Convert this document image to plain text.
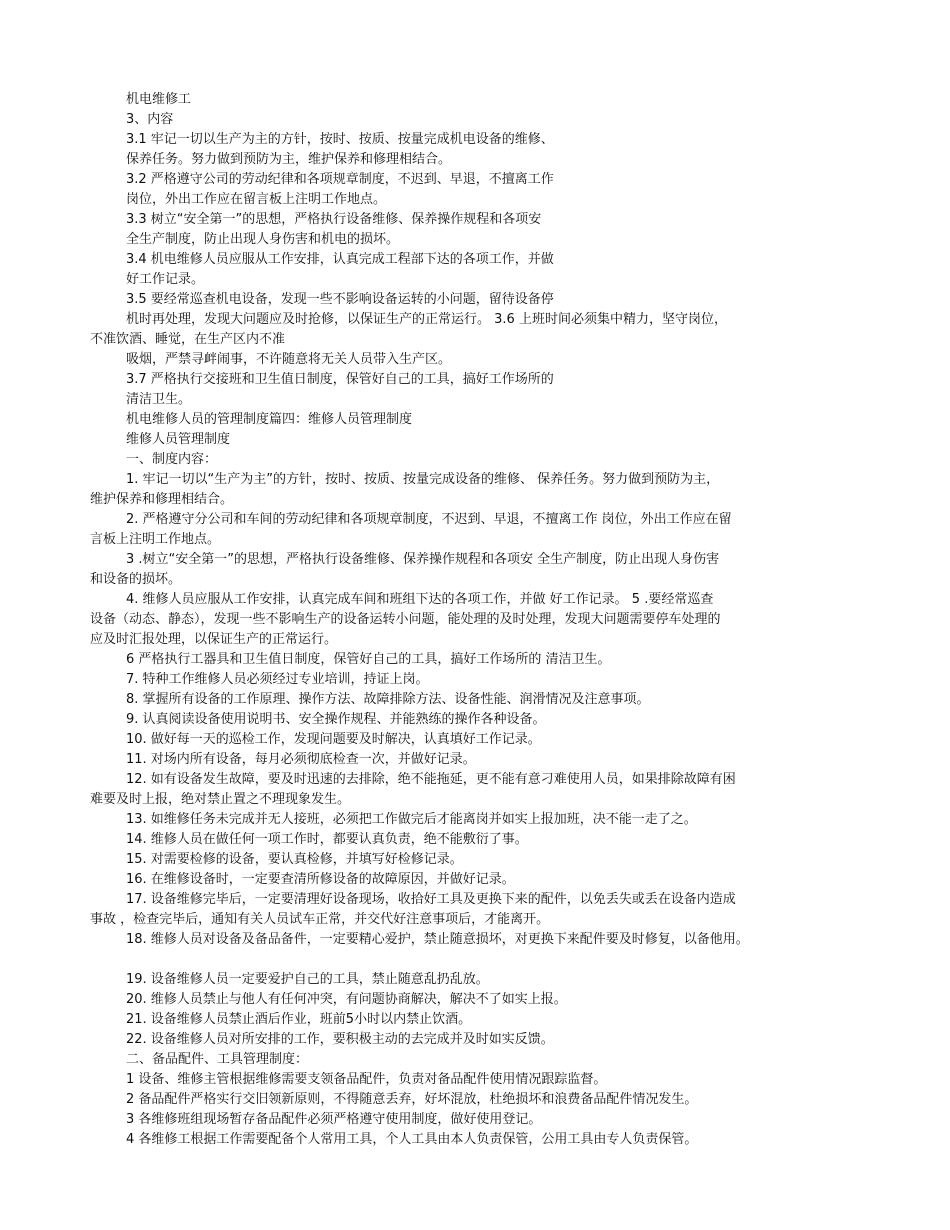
机电维修工
3、内容
3.1 牢记一切以生产为主的方针，按时、按质、按量完成机电设备的维修、
保养任务。努力做到预防为主，维护保养和修理相结合。
3.2 严格遵守公司的劳动纪律和各项规章制度，不迟到、早退，不擅离工作
岗位，外出工作应在留言板上注明工作地点。
3.3 树立“安全第一”的思想，严格执行设备维修、保养操作规程和各项安
全生产制度，防止出现人身伤害和机电的损坏。
3.4 机电维修人员应服从工作安排，认真完成工程部下达的各项工作，并做
好工作记录。
3.5 要经常巡查机电设备，发现一些不影响设备运转的小问题，留待设备停
机时再处理，发现大问题应及时抢修，以保证生产的正常运行。 3.6 上班时间必须集中精力，坚守岗位，
不准饮酒、睡觉，在生产区内不准
吸烟，严禁寻衅闹事，不许随意将无关人员带入生产区。
3.7 严格执行交接班和卫生值日制度，保管好自己的工具，搞好工作场所的
清洁卫生。
机电维修人员的管理制度篇四：维修人员管理制度
维修人员管理制度
一、制度内容：
1. 牢记一切以“生产为主”的方针，按时、按质、按量完成设备的维修、 保养任务。努力做到预防为主，
维护保养和修理相结合。
2. 严格遵守分公司和车间的劳动纪律和各项规章制度，不迟到、早退，不擅离工作 岗位，外出工作应在留
言板上注明工作地点。
3 .树立“安全第一”的思想，严格执行设备维修、保养操作规程和各项安 全生产制度，防止出现人身伤害
和设备的损坏。
4. 维修人员应服从工作安排，认真完成车间和班组下达的各项工作，并做 好工作记录。 5 .要经常巡查
设备（动态、静态），发现一些不影响生产的设备运转小问题，能处理的及时处理，发现大问题需要停车处理的
应及时汇报处理，以保证生产的正常运行。
6 严格执行工器具和卫生值日制度，保管好自己的工具，搞好工作场所的 清洁卫生。
7. 特种工作维修人员必须经过专业培训，持证上岗。
8. 掌握所有设备的工作原理、操作方法、故障排除方法、设备性能、润滑情况及注意事项。
9. 认真阅读设备使用说明书、安全操作规程、并能熟练的操作各种设备。
10. 做好每一天的巡检工作，发现问题要及时解决，认真填好工作记录。
11. 对场内所有设备，每月必须彻底检查一次，并做好记录。
12. 如有设备发生故障，要及时迅速的去排除，绝不能拖延，更不能有意刁难使用人员，如果排除故障有困
难要及时上报，绝对禁止置之不理现象发生。
13. 如维修任务未完成并无人接班，必须把工作做完后才能离岗并如实上报加班，决不能一走了之。
14. 维修人员在做任何一项工作时，都要认真负责，绝不能敷衍了事。
15. 对需要检修的设备，要认真检修，并填写好检修记录。
16. 在维修设备时，一定要查清所修设备的故障原因，并做好记录。
17. 设备维修完毕后，一定要清理好设备现场，收拾好工具及更换下来的配件，以免丢失或丢在设备内造成
事故 ，检查完毕后，通知有关人员试车正常，并交代好注意事项后，才能离开。
18. 维修人员对设备及备品备件，一定要精心爱护，禁止随意损坏，对更换下来配件要及时修复，以备他用。
19. 设备维修人员一定要爱护自己的工具，禁止随意乱扔乱放。
20. 维修人员禁止与他人有任何冲突，有问题协商解决，解决不了如实上报。
21. 设备维修人员禁止酒后作业，班前5小时以内禁止饮酒。
22. 设备维修人员对所安排的工作，要积极主动的去完成并及时如实反馈。
二、备品配件、工具管理制度：
1 设备、维修主管根据维修需要支领备品配件，负责对备品配件使用情况跟踪监督。
2 备品配件严格实行交旧领新原则，不得随意丢弃，好坏混放，杜绝损坏和浪费备品配件情况发生。
3 各维修班组现场暂存备品配件必须严格遵守使用制度，做好使用登记。
4 各维修工根据工作需要配备个人常用工具，个人工具由本人负责保管，公用工具由专人负责保管。
